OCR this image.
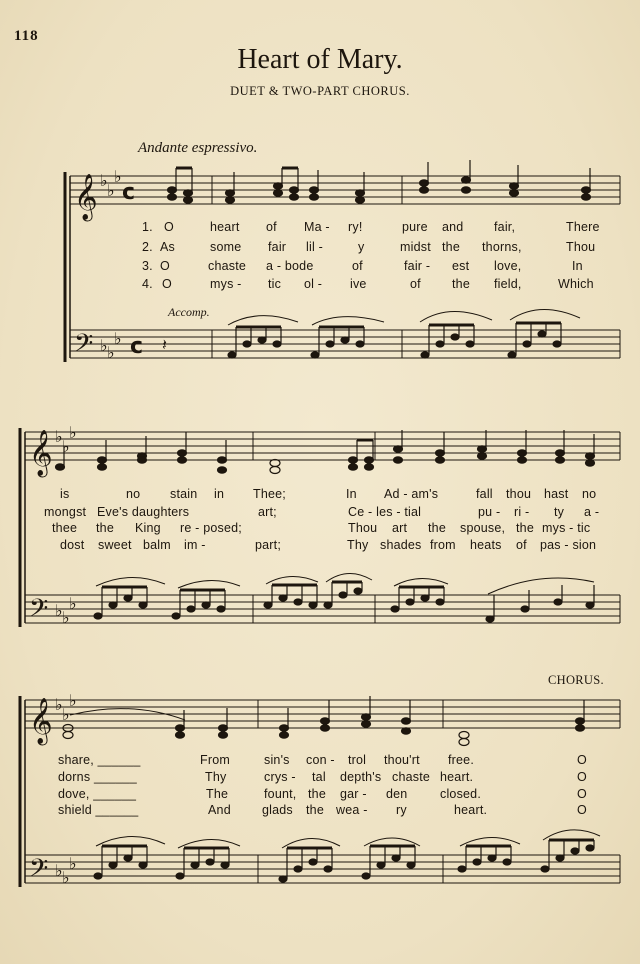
118
Heart of Mary.
DUET & TWO-PART CHORUS.
Andante espressivo.
Accomp.
CHORUS.
𝄞 ♭
♭
♭
c
𝄢 ♭ ♭
♭ c
𝄞 ♭
♭
♭
𝄢 ♭ ♭
♭
𝄞 ♭
♭
♭
𝄢 ♭ ♭
♭
𝄽
1. O	heart of Ma - ry!	pure and fair,	There
2. As	some fair lil -	y	midst the thorns,	Thou
3. O	chaste a - bode	of	fair - est love,	In
4. O	mys - tic ol - ive	of the field,	Which
is	no stain in Thee;	In Ad - am's	fall thou hast no
mongst Eve's daughters	art;	Ce - les - tial	pu - ri - ty a -
thee the King re - posed;	Thou art the spouse, the mys - tic
dost sweet balm im -	part;	Thy shades from heats of pas - sion
share, ______	From	sin's con - trol thou'rt free.	O
dorns ______	Thy	crys - tal depth's chaste heart.	O
dove, ______	The	fount, the gar - den	closed.	O
shield ______	And glads the wea - ry	heart.	O
